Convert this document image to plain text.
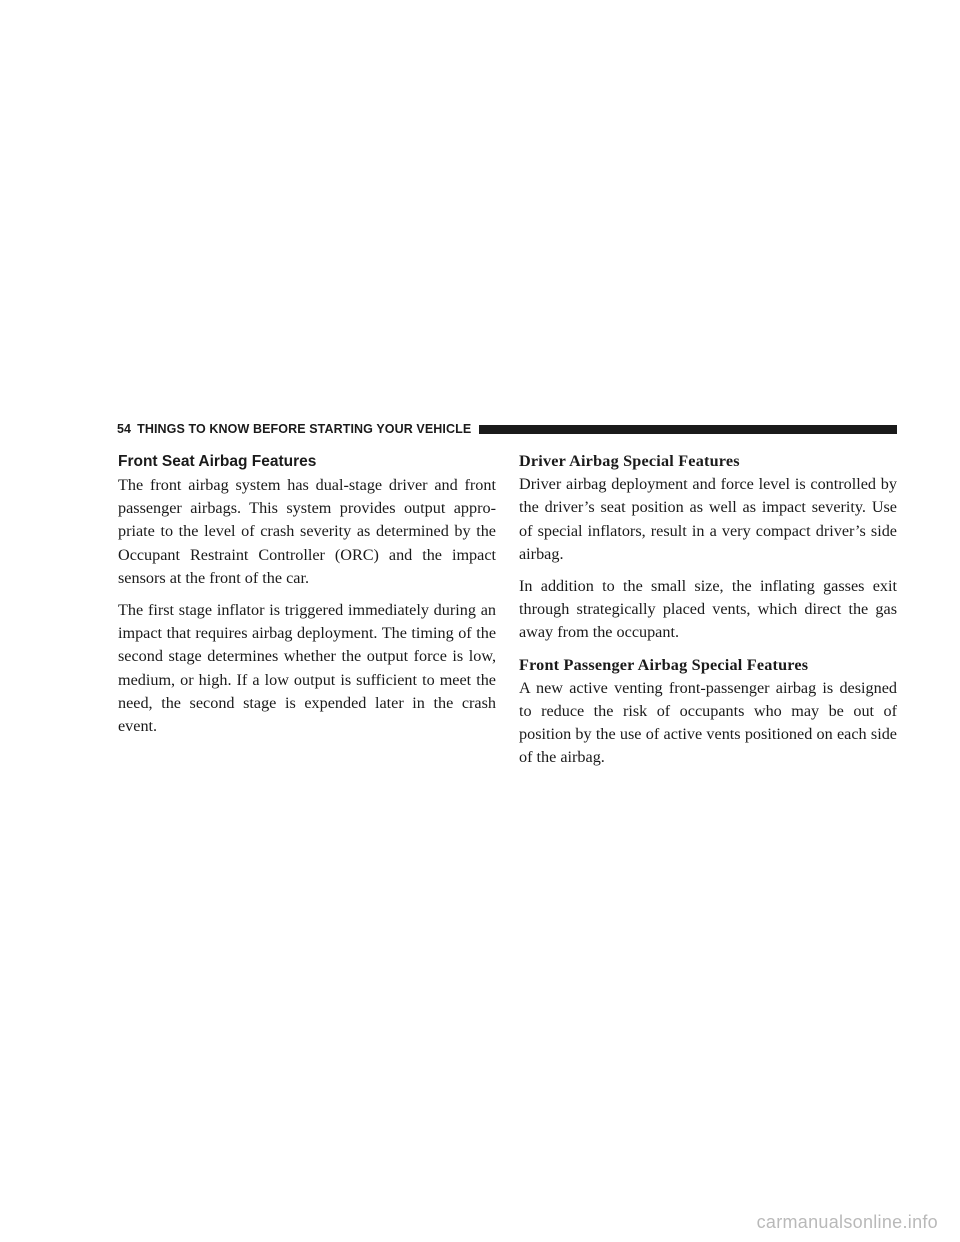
54 THINGS TO KNOW BEFORE STARTING YOUR VEHICLE
Front Seat Airbag Features

The front airbag system has dual-stage driver and front passenger airbags. This system provides output appro-priate to the level of crash severity as determined by the Occupant Restraint Controller (ORC) and the impact sensors at the front of the car.

The first stage inflator is triggered immediately during an impact that requires airbag deployment. The timing of the second stage determines whether the output force is low, medium, or high. If a low output is sufficient to meet the need, the second stage is expended later in the crash event.

Driver Airbag Special Features

Driver airbag deployment and force level is controlled by the driver’s seat position as well as impact severity. Use of special inflators, result in a very compact driver’s side airbag.

In addition to the small size, the inflating gasses exit through strategically placed vents, which direct the gas away from the occupant.

Front Passenger Airbag Special Features

A new active venting front-passenger airbag is designed to reduce the risk of occupants who may be out of position by the use of active vents positioned on each side of the airbag.

carmanualsonline.info
